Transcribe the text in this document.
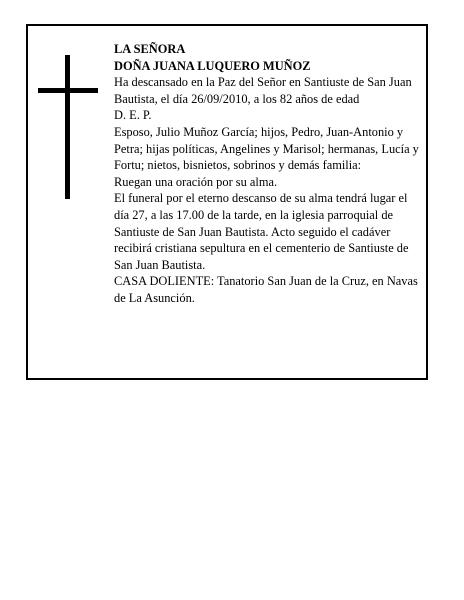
LA SEÑORA

DOÑA JUANA LUQUERO MUÑOZ

Ha descansado en la Paz del Señor en Santiuste de San Juan Bautista, el día 26/09/2010, a los 82 años de edad

D. E. P.

Esposo, Julio Muñoz García; hijos, Pedro, Juan-Antonio y Petra; hijas políticas, Angelines y Marisol; hermanas, Lucía y Fortu; nietos, bisnietos, sobrinos y demás familia:

Ruegan una oración por su alma.

El funeral por el eterno descanso de su alma tendrá lugar el día 27, a las 17.00 de la tarde, en la iglesia parroquial de Santiuste de San Juan Bautista. Acto seguido el cadáver recibirá cristiana sepultura en el cementerio de Santiuste de San Juan Bautista.

CASA DOLIENTE: Tanatorio San Juan de la Cruz, en Navas de La Asunción.
